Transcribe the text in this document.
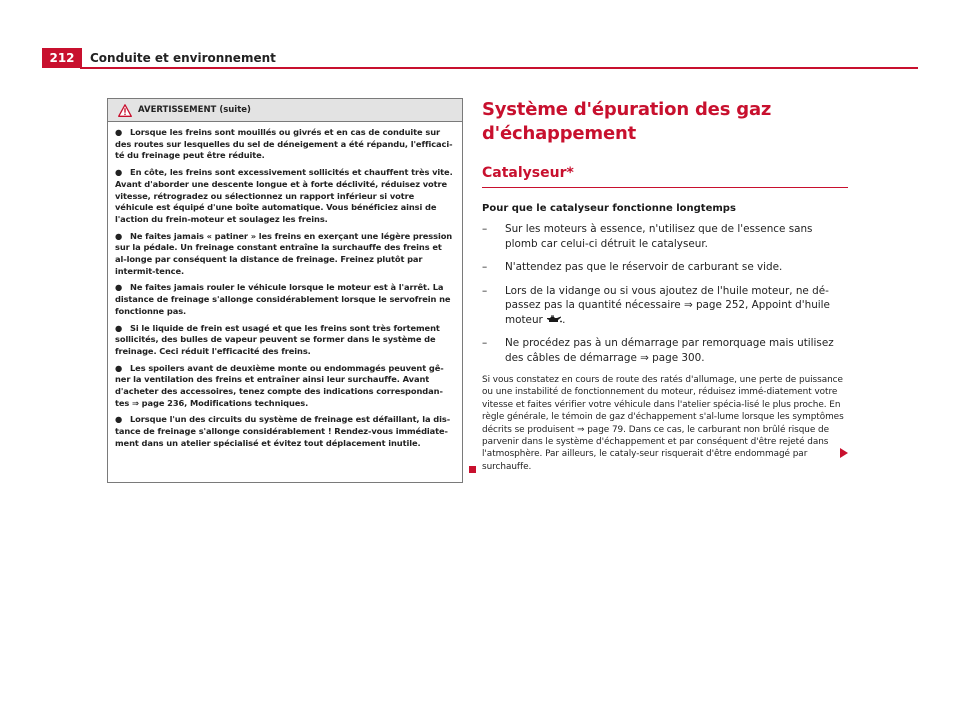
212	Conduite et environnement
AVERTISSEMENT (suite)

● Lorsque les freins sont mouillés ou givrés et en cas de conduite sur des routes sur lesquelles du sel de déneigement a été répandu, l'efficaci-té du freinage peut être réduite.

● En côte, les freins sont excessivement sollicités et chauffent très vite. Avant d'aborder une descente longue et à forte déclivité, réduisez votre vitesse, rétrogradez ou sélectionnez un rapport inférieur si votre véhicule est équipé d'une boîte automatique. Vous bénéficiez ainsi de l'action du frein-moteur et soulagez les freins.

● Ne faites jamais « patiner » les freins en exerçant une légère pression sur la pédale. Un freinage constant entraîne la surchauffe des freins et al-longe par conséquent la distance de freinage. Freinez plutôt par intermit-tence.

● Ne faites jamais rouler le véhicule lorsque le moteur est à l'arrêt. La distance de freinage s'allonge considérablement lorsque le servofrein ne fonctionne pas.

● Si le liquide de frein est usagé et que les freins sont très fortement sollicités, des bulles de vapeur peuvent se former dans le système de freinage. Ceci réduit l'efficacité des freins.

● Les spoilers avant de deuxième monte ou endommagés peuvent gê-ner la ventilation des freins et entraîner ainsi leur surchauffe. Avant d'acheter des accessoires, tenez compte des indications correspondan-tes ⇒ page 236, Modifications techniques.

● Lorsque l'un des circuits du système de freinage est défaillant, la dis-tance de freinage s'allonge considérablement ! Rendez-vous immédiate-ment dans un atelier spécialisé et évitez tout déplacement inutile.

Système d'épuration des gaz d'échappement
Catalyseur*
Pour que le catalyseur fonctionne longtemps
– Sur les moteurs à essence, n'utilisez que de l'essence sans plomb car celui-ci détruit le catalyseur.
– N'attendez pas que le réservoir de carburant se vide.
– Lors de la vidange ou si vous ajoutez de l'huile moteur, ne dé-passez pas la quantité nécessaire ⇒ page 252, Appoint d'huile moteur .
– Ne procédez pas à un démarrage par remorquage mais utilisez des câbles de démarrage ⇒ page 300.

Si vous constatez en cours de route des ratés d'allumage, une perte de puissance ou une instabilité de fonctionnement du moteur, réduisez immé-diatement votre vitesse et faites vérifier votre véhicule dans l'atelier spécia-lisé le plus proche. En règle générale, le témoin de gaz d'échappement s'al-lume lorsque les symptômes décrits se produisent ⇒ page 79. Dans ce cas, le carburant non brûlé risque de parvenir dans le système d'échappement et par conséquent d'être rejeté dans l'atmosphère. Par ailleurs, le cataly-seur risquerait d'être endommagé par surchauffe.
